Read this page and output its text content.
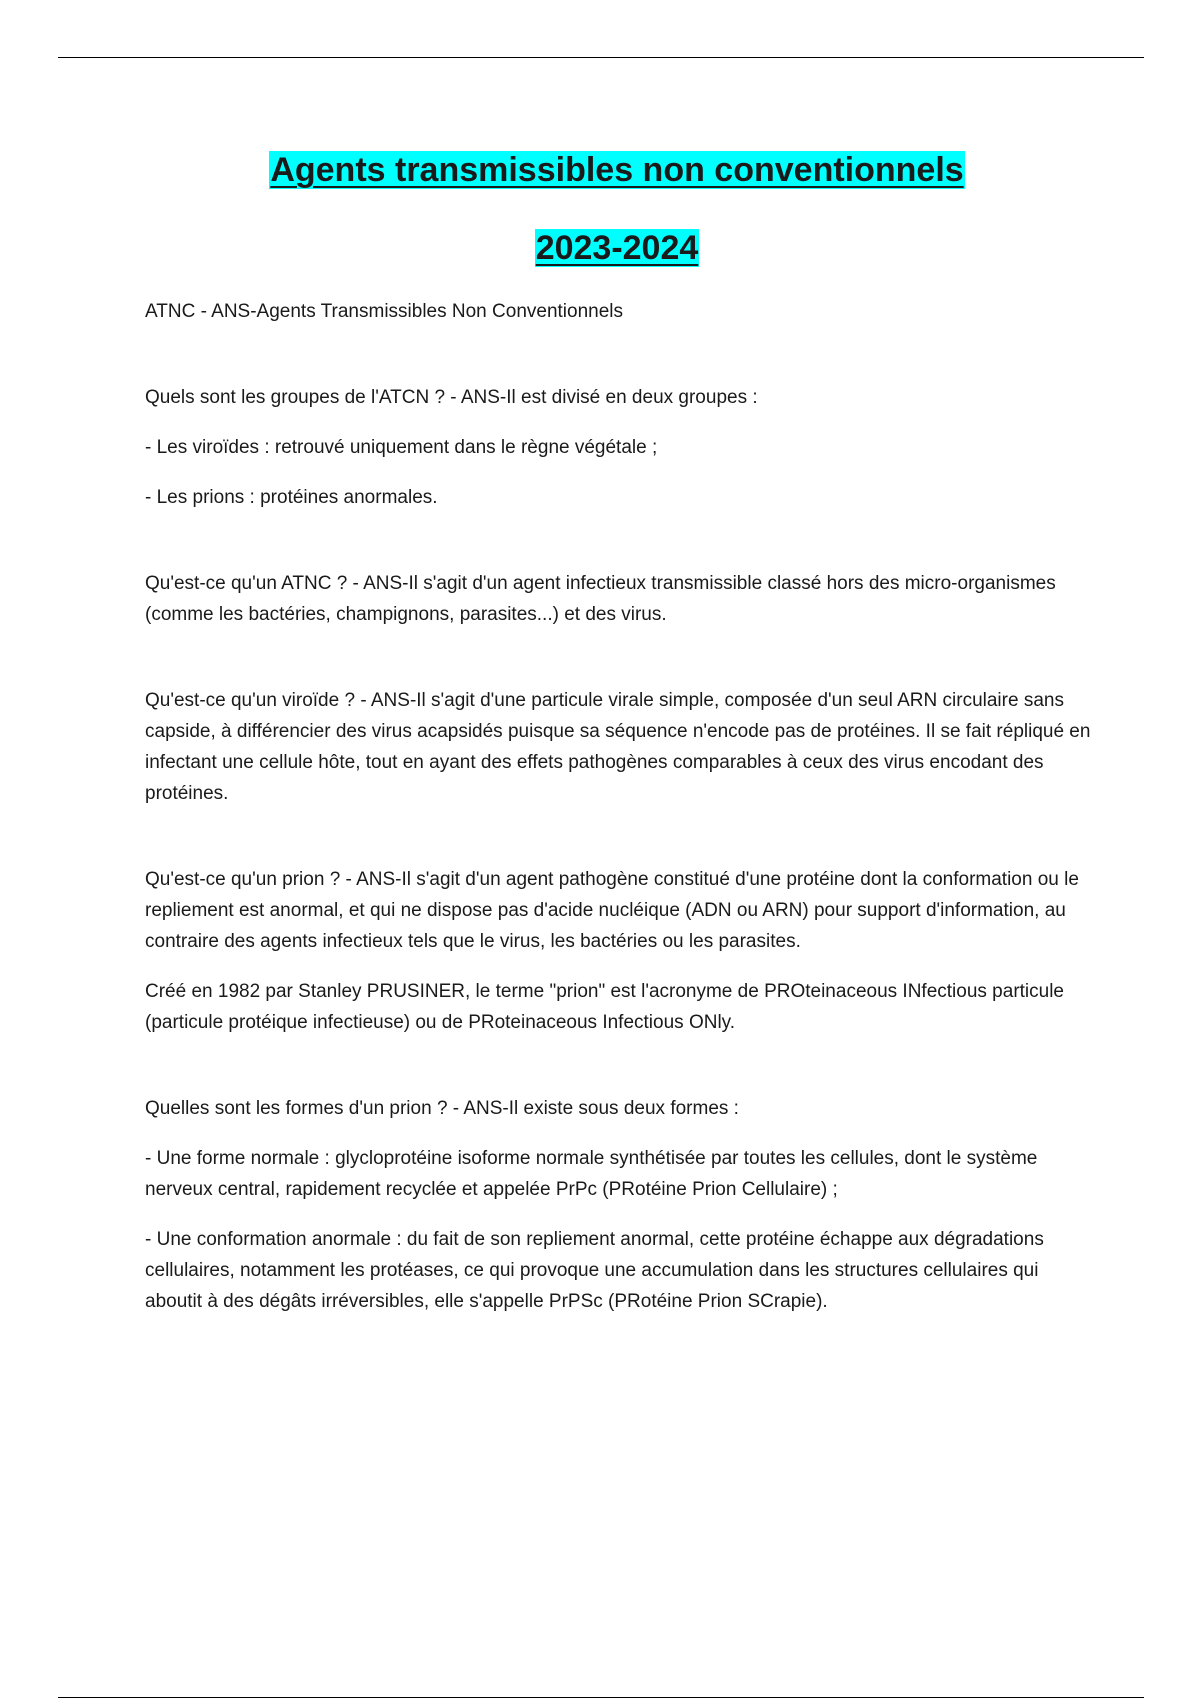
Agents transmissibles non conventionnels
2023-2024

ATNC - ANS-Agents Transmissibles Non Conventionnels

Quels sont les groupes de l'ATCN ? - ANS-Il est divisé en deux groupes :

- Les viroïdes : retrouvé uniquement dans le règne végétale ;

- Les prions : protéines anormales.

Qu'est-ce qu'un ATNC ? - ANS-Il s'agit d'un agent infectieux transmissible classé hors des micro-organismes (comme les bactéries, champignons, parasites...) et des virus.

Qu'est-ce qu'un viroïde ? - ANS-Il s'agit d'une particule virale simple, composée d'un seul ARN circulaire sans capside, à différencier des virus acapsidés puisque sa séquence n'encode pas de protéines. Il se fait répliqué en infectant une cellule hôte, tout en ayant des effets pathogènes comparables à ceux des virus encodant des protéines.

Qu'est-ce qu'un prion ? - ANS-Il s'agit d'un agent pathogène constitué d'une protéine dont la conformation ou le repliement est anormal, et qui ne dispose pas d'acide nucléique (ADN ou ARN) pour support d'information, au contraire des agents infectieux tels que le virus, les bactéries ou les parasites.

Créé en 1982 par Stanley PRUSINER, le terme "prion" est l'acronyme de PROteinaceous INfectious particule (particule protéique infectieuse) ou de PRoteinaceous Infectious ONly.

Quelles sont les formes d'un prion ? - ANS-Il existe sous deux formes :

- Une forme normale : glycloprotéine isoforme normale synthétisée par toutes les cellules, dont le système nerveux central, rapidement recyclée et appelée PrPc (PRotéine Prion Cellulaire) ;

- Une conformation anormale : du fait de son repliement anormal, cette protéine échappe aux dégradations cellulaires, notamment les protéases, ce qui provoque une accumulation dans les structures cellulaires qui aboutit à des dégâts irréversibles, elle s'appelle PrPSc (PRotéine Prion SCrapie).
